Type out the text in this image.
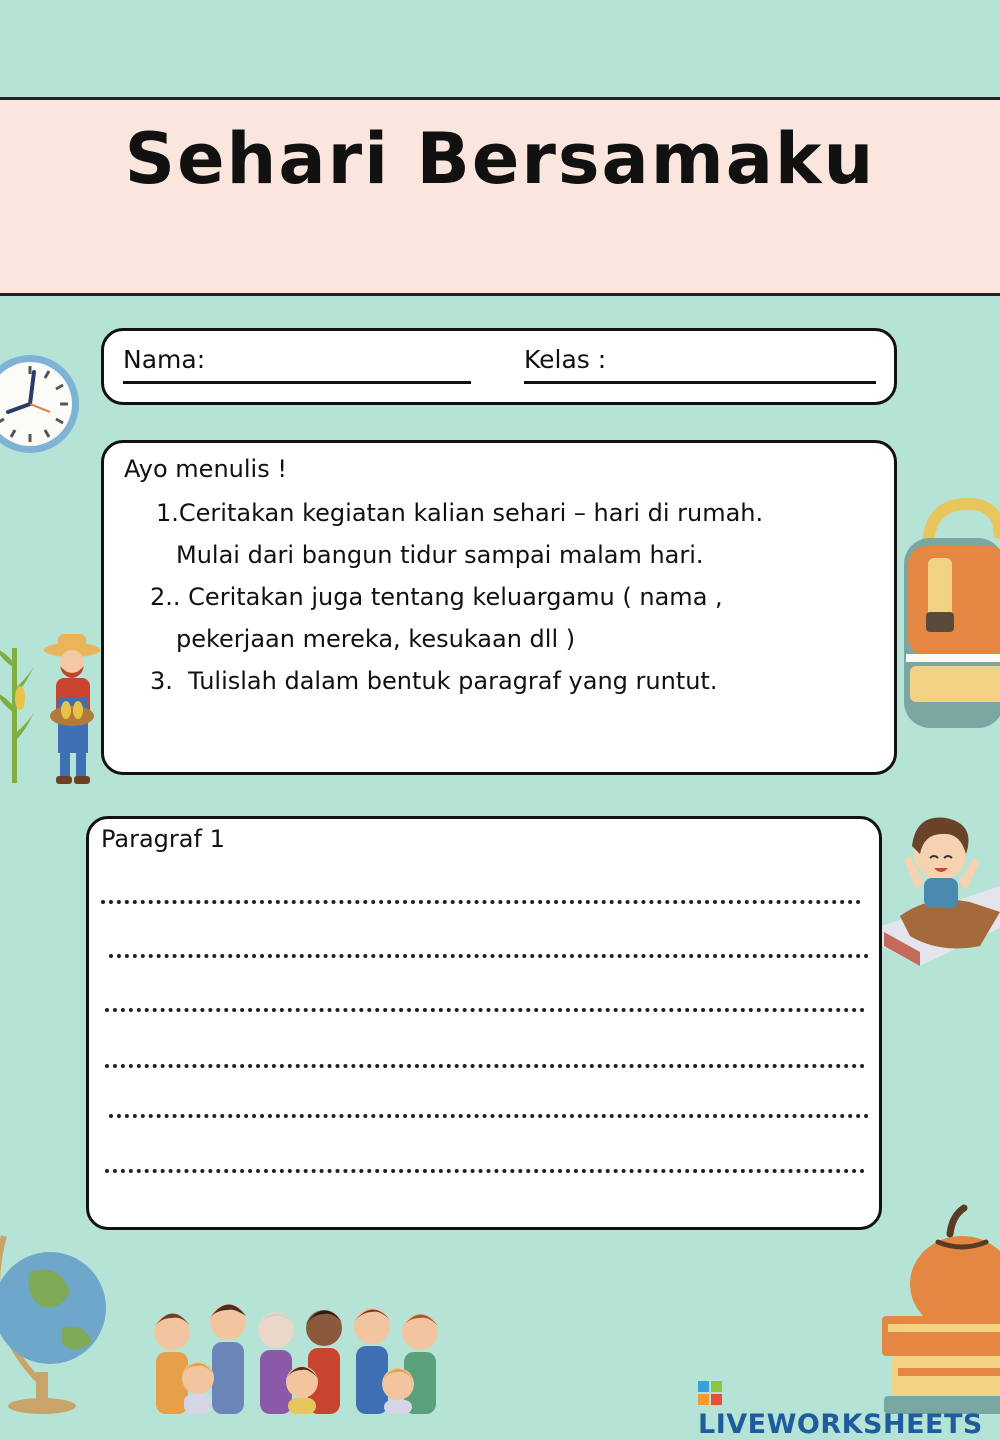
Sehari Bersamaku
Nama:	Kelas :
Ayo menulis !
1.Ceritakan kegiatan kalian sehari – hari di rumah.
Mulai dari bangun tidur sampai malam hari.
2.. Ceritakan juga tentang keluargamu ( nama ,
pekerjaan mereka, kesukaan dll )
3. Tulislah dalam bentuk paragraf yang runtut.
Paragraf 1
LIVEWORKSHEETS
